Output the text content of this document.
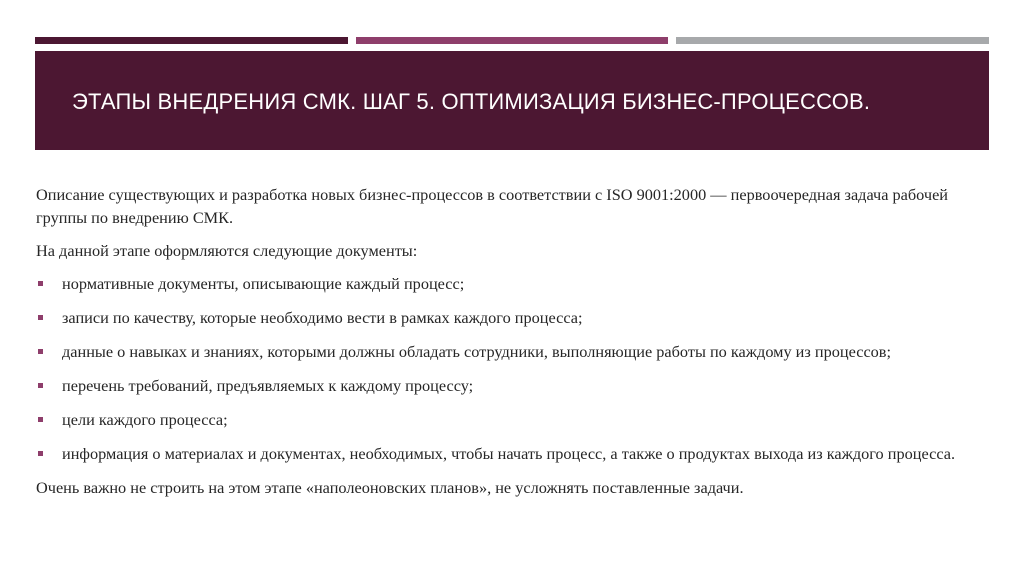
ЭТАПЫ ВНЕДРЕНИЯ СМК. ШАГ 5. ОПТИМИЗАЦИЯ БИЗНЕС-ПРОЦЕССОВ.

Описание существующих и разработка новых бизнес-процессов в соответствии с ISO 9001:2000 — первоочередная задача рабочей группы по внедрению СМК.

На данной этапе оформляются следующие документы:

нормативные документы, описывающие каждый процесс;
записи по качеству, которые необходимо вести в рамках каждого процесса;
данные о навыках и знаниях, которыми должны обладать сотрудники, выполняющие работы по каждому из процессов;
перечень требований, предъявляемых к каждому процессу;
цели каждого процесса;
информация о материалах и документах, необходимых, чтобы начать процесс, а также о продуктах выхода из каждого процесса.

Очень важно не строить на этом этапе «наполеоновских планов», не усложнять поставленные задачи.
